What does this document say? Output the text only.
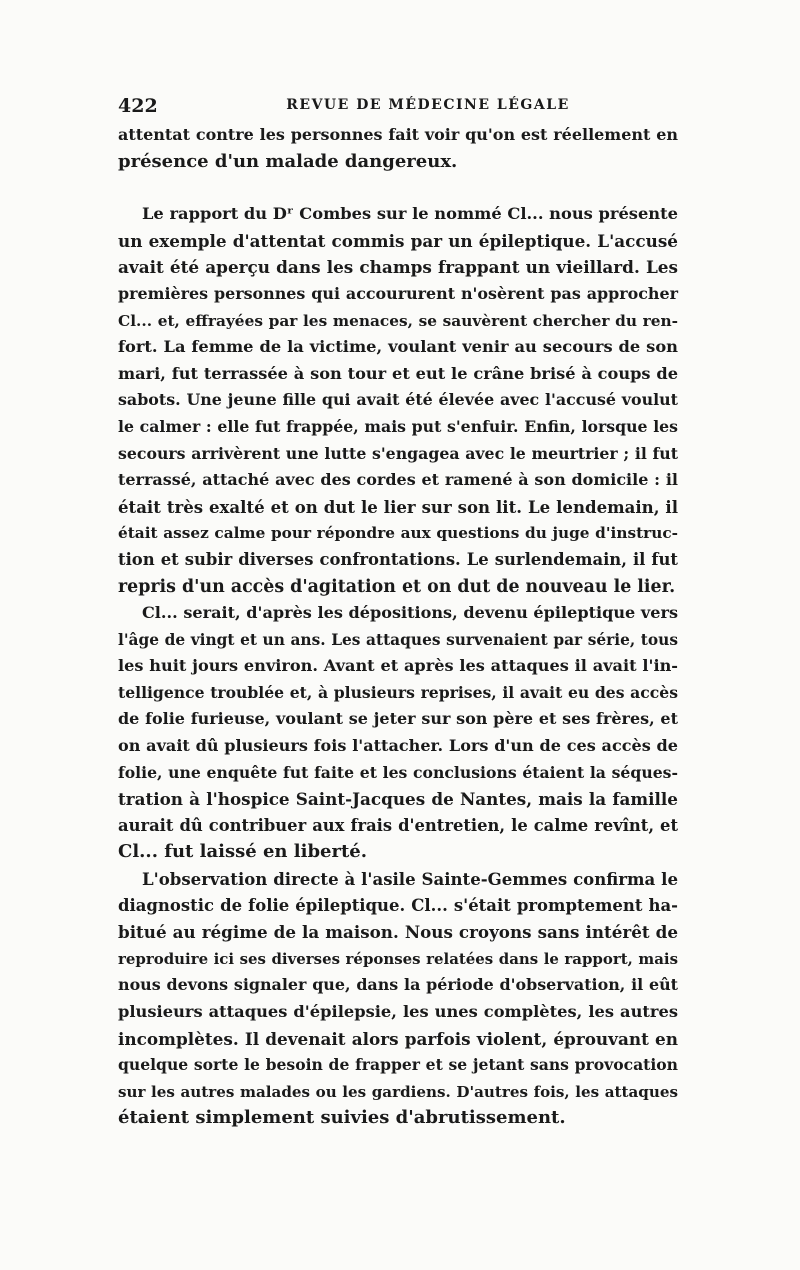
422	REVUE DE MÉDECINE LÉGALE

attentat contre les personnes fait voir qu'on est réellement en
présence d'un malade dangereux.

Le rapport du Dʳ Combes sur le nommé Cl... nous présente
un exemple d'attentat commis par un épileptique. L'accusé
avait été aperçu dans les champs frappant un vieillard. Les
premières personnes qui accoururent n'osèrent pas approcher
Cl... et, effrayées par les menaces, se sauvèrent chercher du ren-
fort. La femme de la victime, voulant venir au secours de son
mari, fut terrassée à son tour et eut le crâne brisé à coups de
sabots. Une jeune fille qui avait été élevée avec l'accusé voulut
le calmer : elle fut frappée, mais put s'enfuir. Enfin, lorsque les
secours arrivèrent une lutte s'engagea avec le meurtrier ; il fut
terrassé, attaché avec des cordes et ramené à son domicile : il
était très exalté et on dut le lier sur son lit. Le lendemain, il
était assez calme pour répondre aux questions du juge d'instruc-
tion et subir diverses confrontations. Le surlendemain, il fut
repris d'un accès d'agitation et on dut de nouveau le lier.

Cl... serait, d'après les dépositions, devenu épileptique vers
l'âge de vingt et un ans. Les attaques survenaient par série, tous
les huit jours environ. Avant et après les attaques il avait l'in-
telligence troublée et, à plusieurs reprises, il avait eu des accès
de folie furieuse, voulant se jeter sur son père et ses frères, et
on avait dû plusieurs fois l'attacher. Lors d'un de ces accès de
folie, une enquête fut faite et les conclusions étaient la séques-
tration à l'hospice Saint-Jacques de Nantes, mais la famille
aurait dû contribuer aux frais d'entretien, le calme revînt, et
Cl... fut laissé en liberté.

L'observation directe à l'asile Sainte-Gemmes confirma le
diagnostic de folie épileptique. Cl... s'était promptement ha-
bitué au régime de la maison. Nous croyons sans intérêt de
reproduire ici ses diverses réponses relatées dans le rapport, mais
nous devons signaler que, dans la période d'observation, il eût
plusieurs attaques d'épilepsie, les unes complètes, les autres
incomplètes. Il devenait alors parfois violent, éprouvant en
quelque sorte le besoin de frapper et se jetant sans provocation
sur les autres malades ou les gardiens. D'autres fois, les attaques
étaient simplement suivies d'abrutissement.
